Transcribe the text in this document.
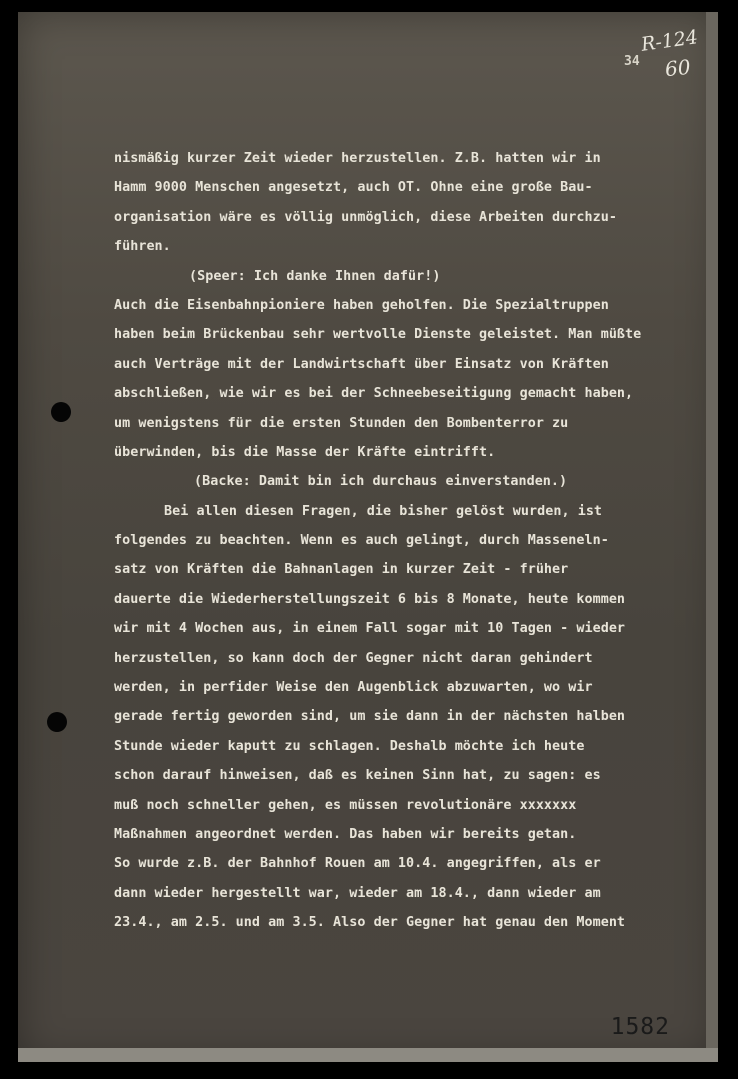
R-124
60
34
nismäßig kurzer Zeit wieder herzustellen. Z.B. hatten wir in
Hamm 9000 Menschen angesetzt, auch OT. Ohne eine große Bau-
organisation wäre es völlig unmöglich, diese Arbeiten durchzu-
führen.
(Speer: Ich danke Ihnen dafür!)
Auch die Eisenbahnpioniere haben geholfen. Die Spezialtruppen
haben beim Brückenbau sehr wertvolle Dienste geleistet. Man müßte
auch Verträge mit der Landwirtschaft über Einsatz von Kräften
abschließen, wie wir es bei der Schneebeseitigung gemacht haben,
um wenigstens für die ersten Stunden den Bombenterror zu
überwinden, bis die Masse der Kräfte eintrifft.
(Backe: Damit bin ich durchaus einverstanden.)
Bei allen diesen Fragen, die bisher gelöst wurden, ist
folgendes zu beachten. Wenn es auch gelingt, durch Masseneln-
satz von Kräften die Bahnanlagen in kurzer Zeit - früher
dauerte die Wiederherstellungszeit 6 bis 8 Monate, heute kommen
wir mit 4 Wochen aus, in einem Fall sogar mit 10 Tagen - wieder
herzustellen, so kann doch der Gegner nicht daran gehindert
werden, in perfider Weise den Augenblick abzuwarten, wo wir
gerade fertig geworden sind, um sie dann in der nächsten halben
Stunde wieder kaputt zu schlagen. Deshalb möchte ich heute
schon darauf hinweisen, daß es keinen Sinn hat, zu sagen: es
muß noch schneller gehen, es müssen revolutionäre xxxxxxx
Maßnahmen angeordnet werden. Das haben wir bereits getan.
So wurde z.B. der Bahnhof Rouen am 10.4. angegriffen, als er
dann wieder hergestellt war, wieder am 18.4., dann wieder am
23.4., am 2.5. und am 3.5. Also der Gegner hat genau den Moment
1582
